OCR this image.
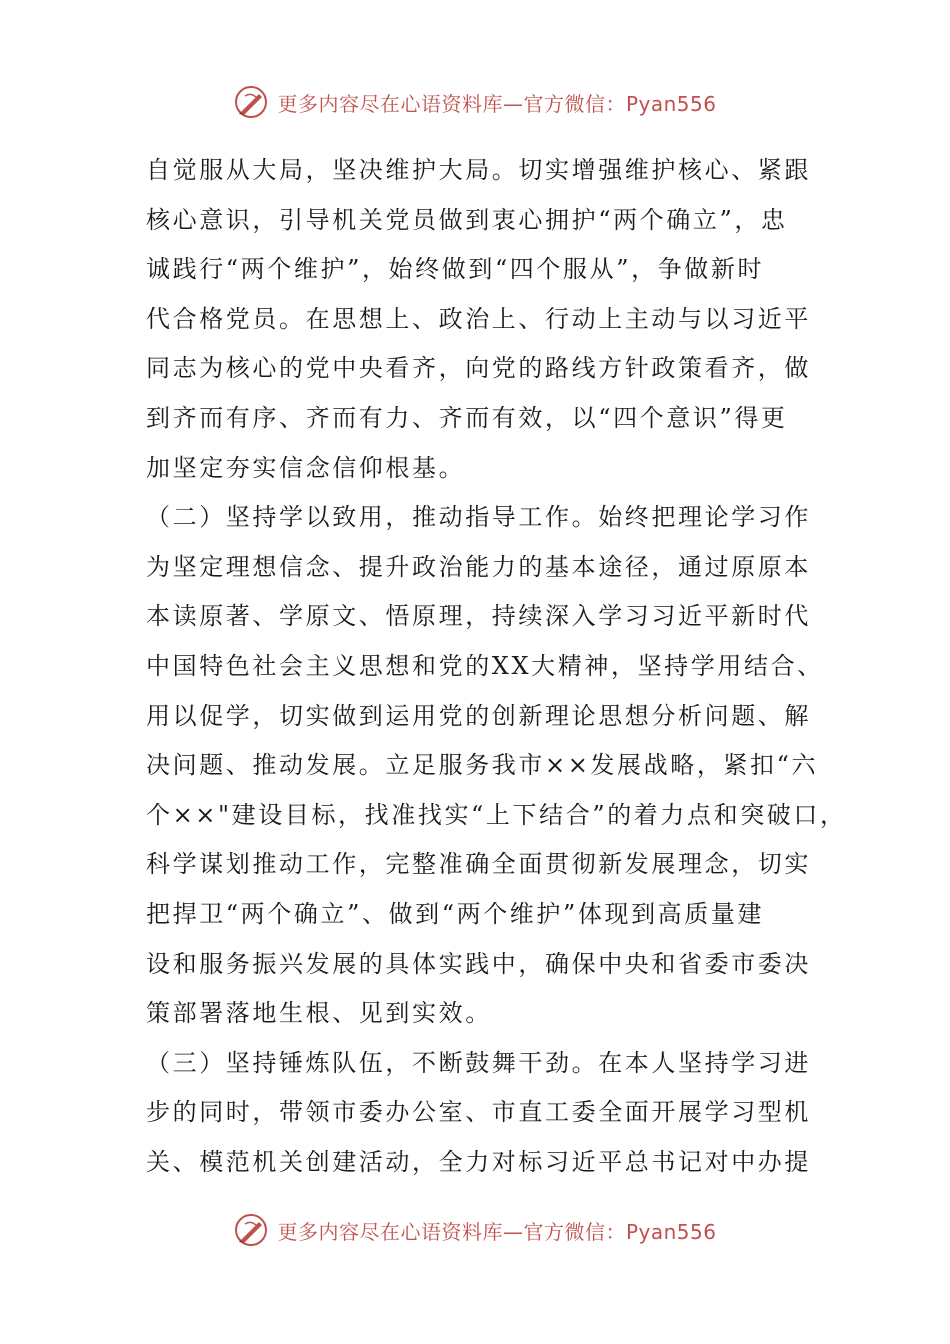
更多内容尽在心语资料库—官方微信：Pyan556
自觉服从大局，坚决维护大局。切实增强维护核心、紧跟
核心意识，引导机关党员做到衷心拥护“两个确立”，忠
诚践行“两个维护”，始终做到“四个服从”，争做新时
代合格党员。在思想上、政治上、行动上主动与以习近平
同志为核心的党中央看齐，向党的路线方针政策看齐，做
到齐而有序、齐而有力、齐而有效，以“四个意识”得更
加坚定夯实信念信仰根基。
（二）坚持学以致用，推动指导工作。始终把理论学习作
为坚定理想信念、提升政治能力的基本途径，通过原原本
本读原著、学原文、悟原理，持续深入学习习近平新时代
中国特色社会主义思想和党的XX大精神，坚持学用结合、
用以促学，切实做到运用党的创新理论思想分析问题、解
决问题、推动发展。立足服务我市××发展战略，紧扣“六
个××"建设目标，找准找实“上下结合”的着力点和突破口，
科学谋划推动工作，完整准确全面贯彻新发展理念，切实
把捍卫“两个确立”、做到“两个维护”体现到高质量建
设和服务振兴发展的具体实践中，确保中央和省委市委决
策部署落地生根、见到实效。
（三）坚持锤炼队伍，不断鼓舞干劲。在本人坚持学习进
步的同时，带领市委办公室、市直工委全面开展学习型机
关、模范机关创建活动，全力对标习近平总书记对中办提
更多内容尽在心语资料库—官方微信：Pyan556
